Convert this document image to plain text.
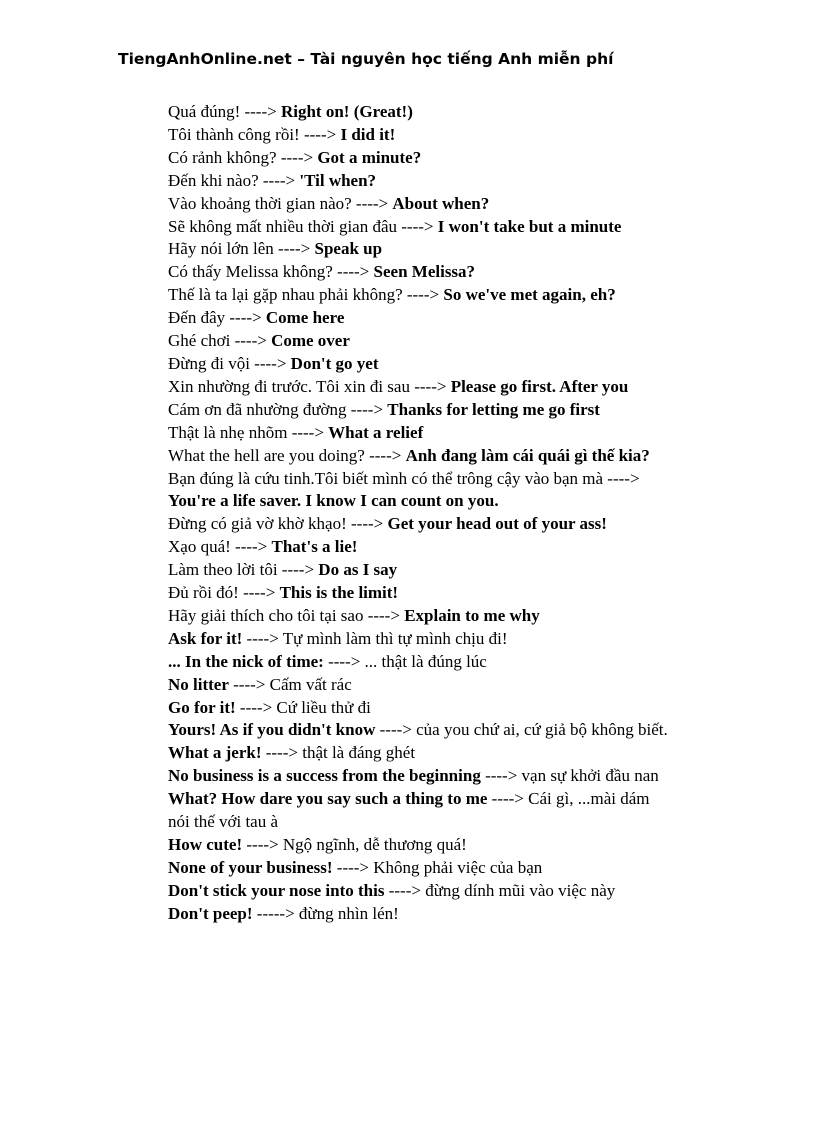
TiengAnhOnline.net – Tài nguyên học tiếng Anh miễn phí

Quá đúng! ----> Right on! (Great!)

Tôi thành công rồi! ----> I did it!

Có rảnh không? ----> Got a minute?

Đến khi nào? ----> 'Til when?

Vào khoảng thời gian nào? ----> About when?

Sẽ không mất nhiều thời gian đâu ----> I won't take but a minute

Hãy nói lớn lên ----> Speak up

Có thấy Melissa không? ----> Seen Melissa?

Thế là ta lại gặp nhau phải không? ----> So we've met again, eh?

Đến đây ----> Come here

Ghé chơi ----> Come over

Đừng đi vội ----> Don't go yet

Xin nhường đi trước. Tôi xin đi sau ----> Please go first. After you

Cám ơn đã nhường đường ----> Thanks for letting me go first

Thật là nhẹ nhõm ----> What a relief

What the hell are you doing? ----> Anh đang làm cái quái gì thế kia?

Bạn đúng là cứu tinh.Tôi biết mình có thể trông cậy vào bạn mà ----> You're a life saver. I know I can count on you.

Đừng có giả vờ khờ khạo! ----> Get your head out of your ass!

Xạo quá! ----> That's a lie!

Làm theo lời tôi ----> Do as I say

Đủ rồi đó! ----> This is the limit!

Hãy giải thích cho tôi tại sao ----> Explain to me why

Ask for it! ----> Tự mình làm thì tự mình chịu đi!

... In the nick of time: ----> ... thật là đúng lúc

No litter ----> Cấm vất rác

Go for it! ----> Cứ liều thử đi

Yours! As if you didn't know ----> của you chứ ai, cứ giả bộ không biết.

What a jerk! ----> thật là đáng ghét

No business is a success from the beginning ----> vạn sự khởi đầu nan

What? How dare you say such a thing to me ----> Cái gì, ...mài dám nói thế với tau à

How cute! ----> Ngộ ngĩnh, dễ thương quá!

None of your business! ----> Không phải việc của bạn

Don't stick your nose into this ----> đừng dính mũi vào việc này

Don't peep! -----> đừng nhìn lén!
